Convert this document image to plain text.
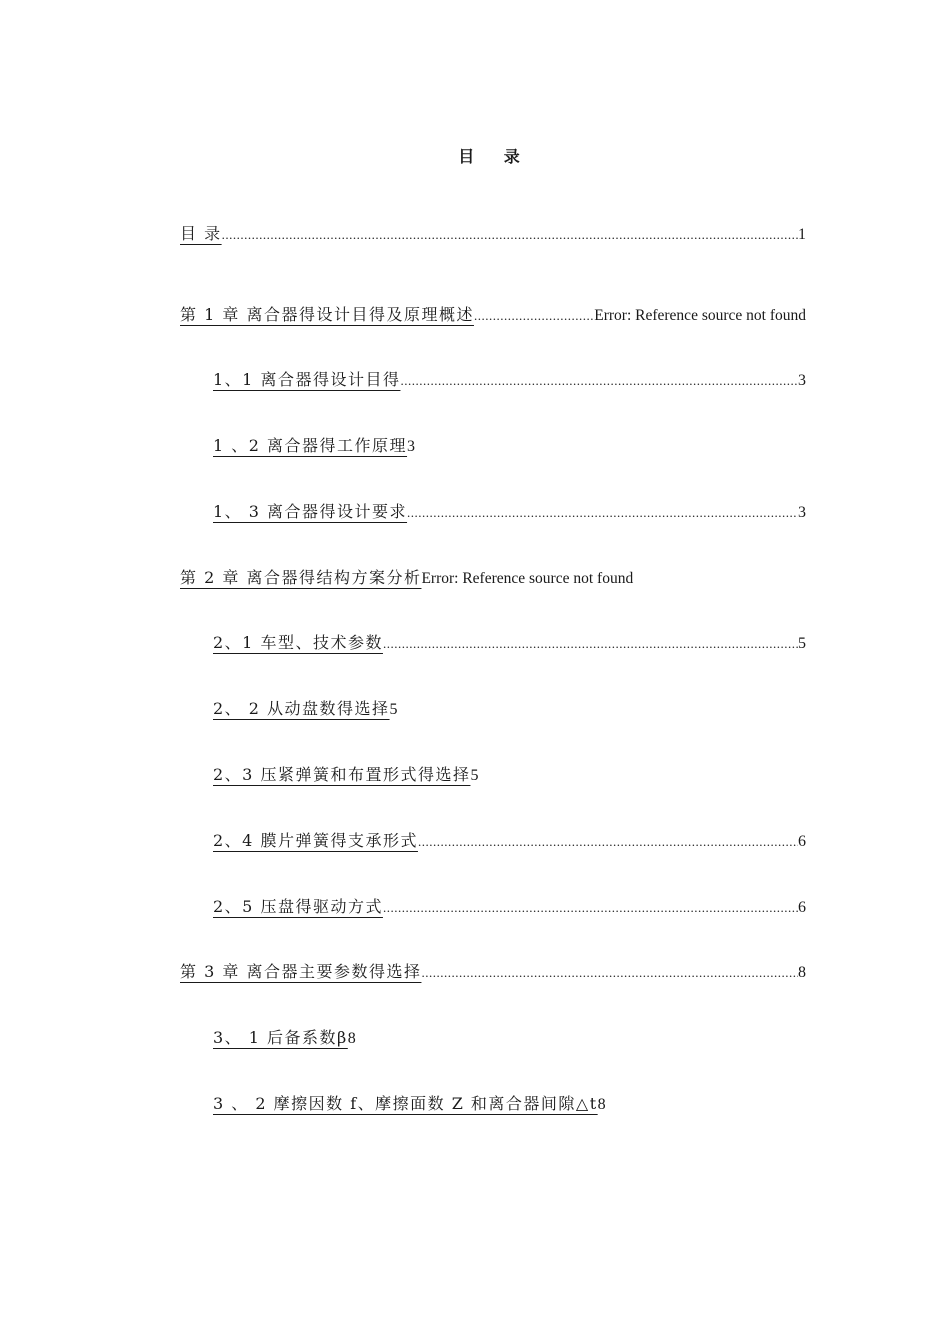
目 录
目 录 .....	1
第 1 章 离合器得设计目得及原理概述 .....	Error: Reference source not found
1、1 离合器得设计目得 .....	3
1 、2 离合器得工作原理 3
1、 3 离合器得设计要求 .....	3
第 2 章 离合器得结构方案分析 Error: Reference source not found
2、1 车型、技术参数 .....	5
2、 2 从动盘数得选择 5
2、3 压紧弹簧和布置形式得选择 5
2、4 膜片弹簧得支承形式 .....	6
2、5 压盘得驱动方式 .....	6
第 3 章 离合器主要参数得选择 .....	8
3、 1 后备系数β 8
3 、 2 摩擦因数 f、摩擦面数 Z 和离合器间隙△t 8
